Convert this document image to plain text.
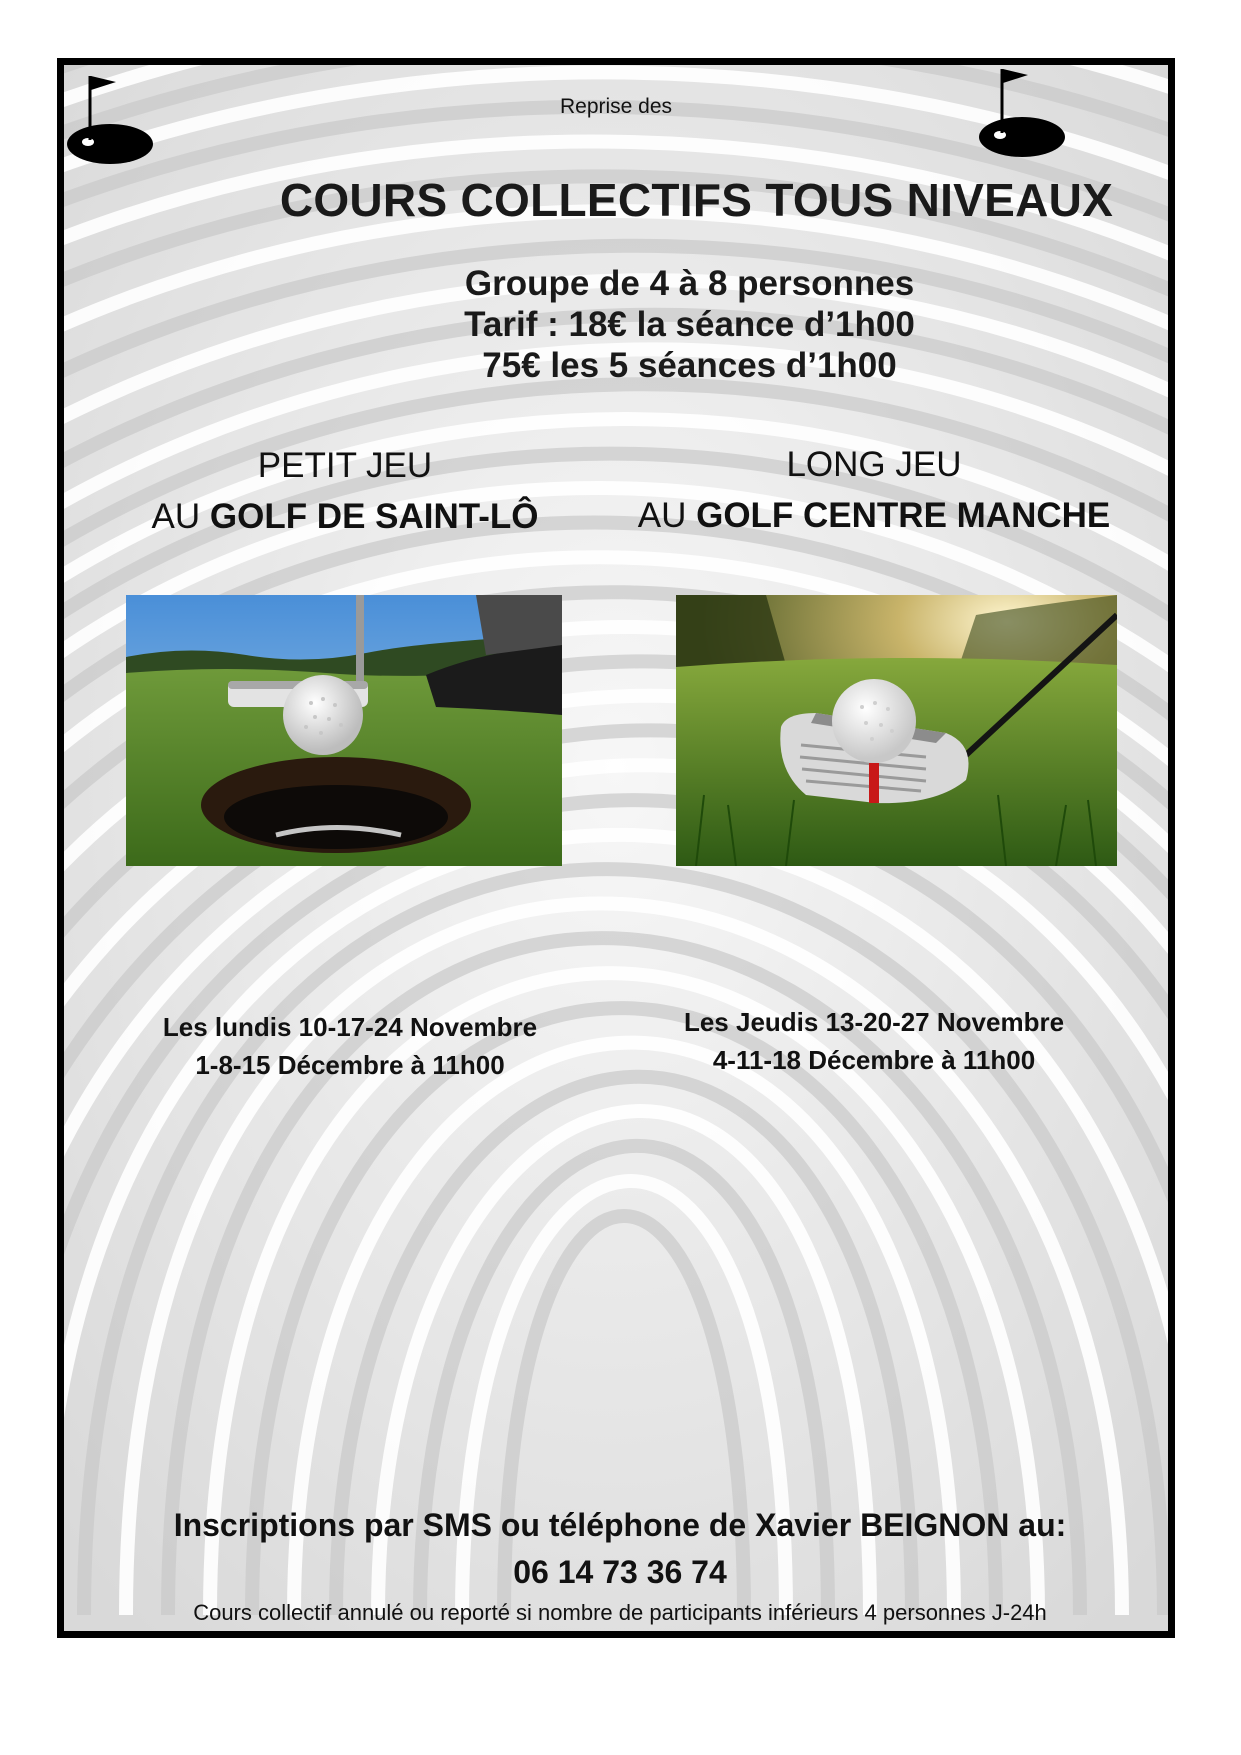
Reprise des
COURS COLLECTIFS TOUS NIVEAUX
Groupe de 4 à 8 personnes
Tarif : 18€ la séance d’1h00
75€ les 5 séances d’1h00
PETIT JEU
AU GOLF DE SAINT-LÔ
Les lundis 10-17-24 Novembre
1-8-15 Décembre à 11h00
LONG JEU
AU GOLF CENTRE MANCHE
Les Jeudis 13-20-27 Novembre
4-11-18 Décembre à 11h00
Inscriptions par SMS ou téléphone de Xavier BEIGNON au:
06 14 73 36 74
Cours collectif annulé ou reporté si nombre de participants inférieurs 4 personnes J-24h
